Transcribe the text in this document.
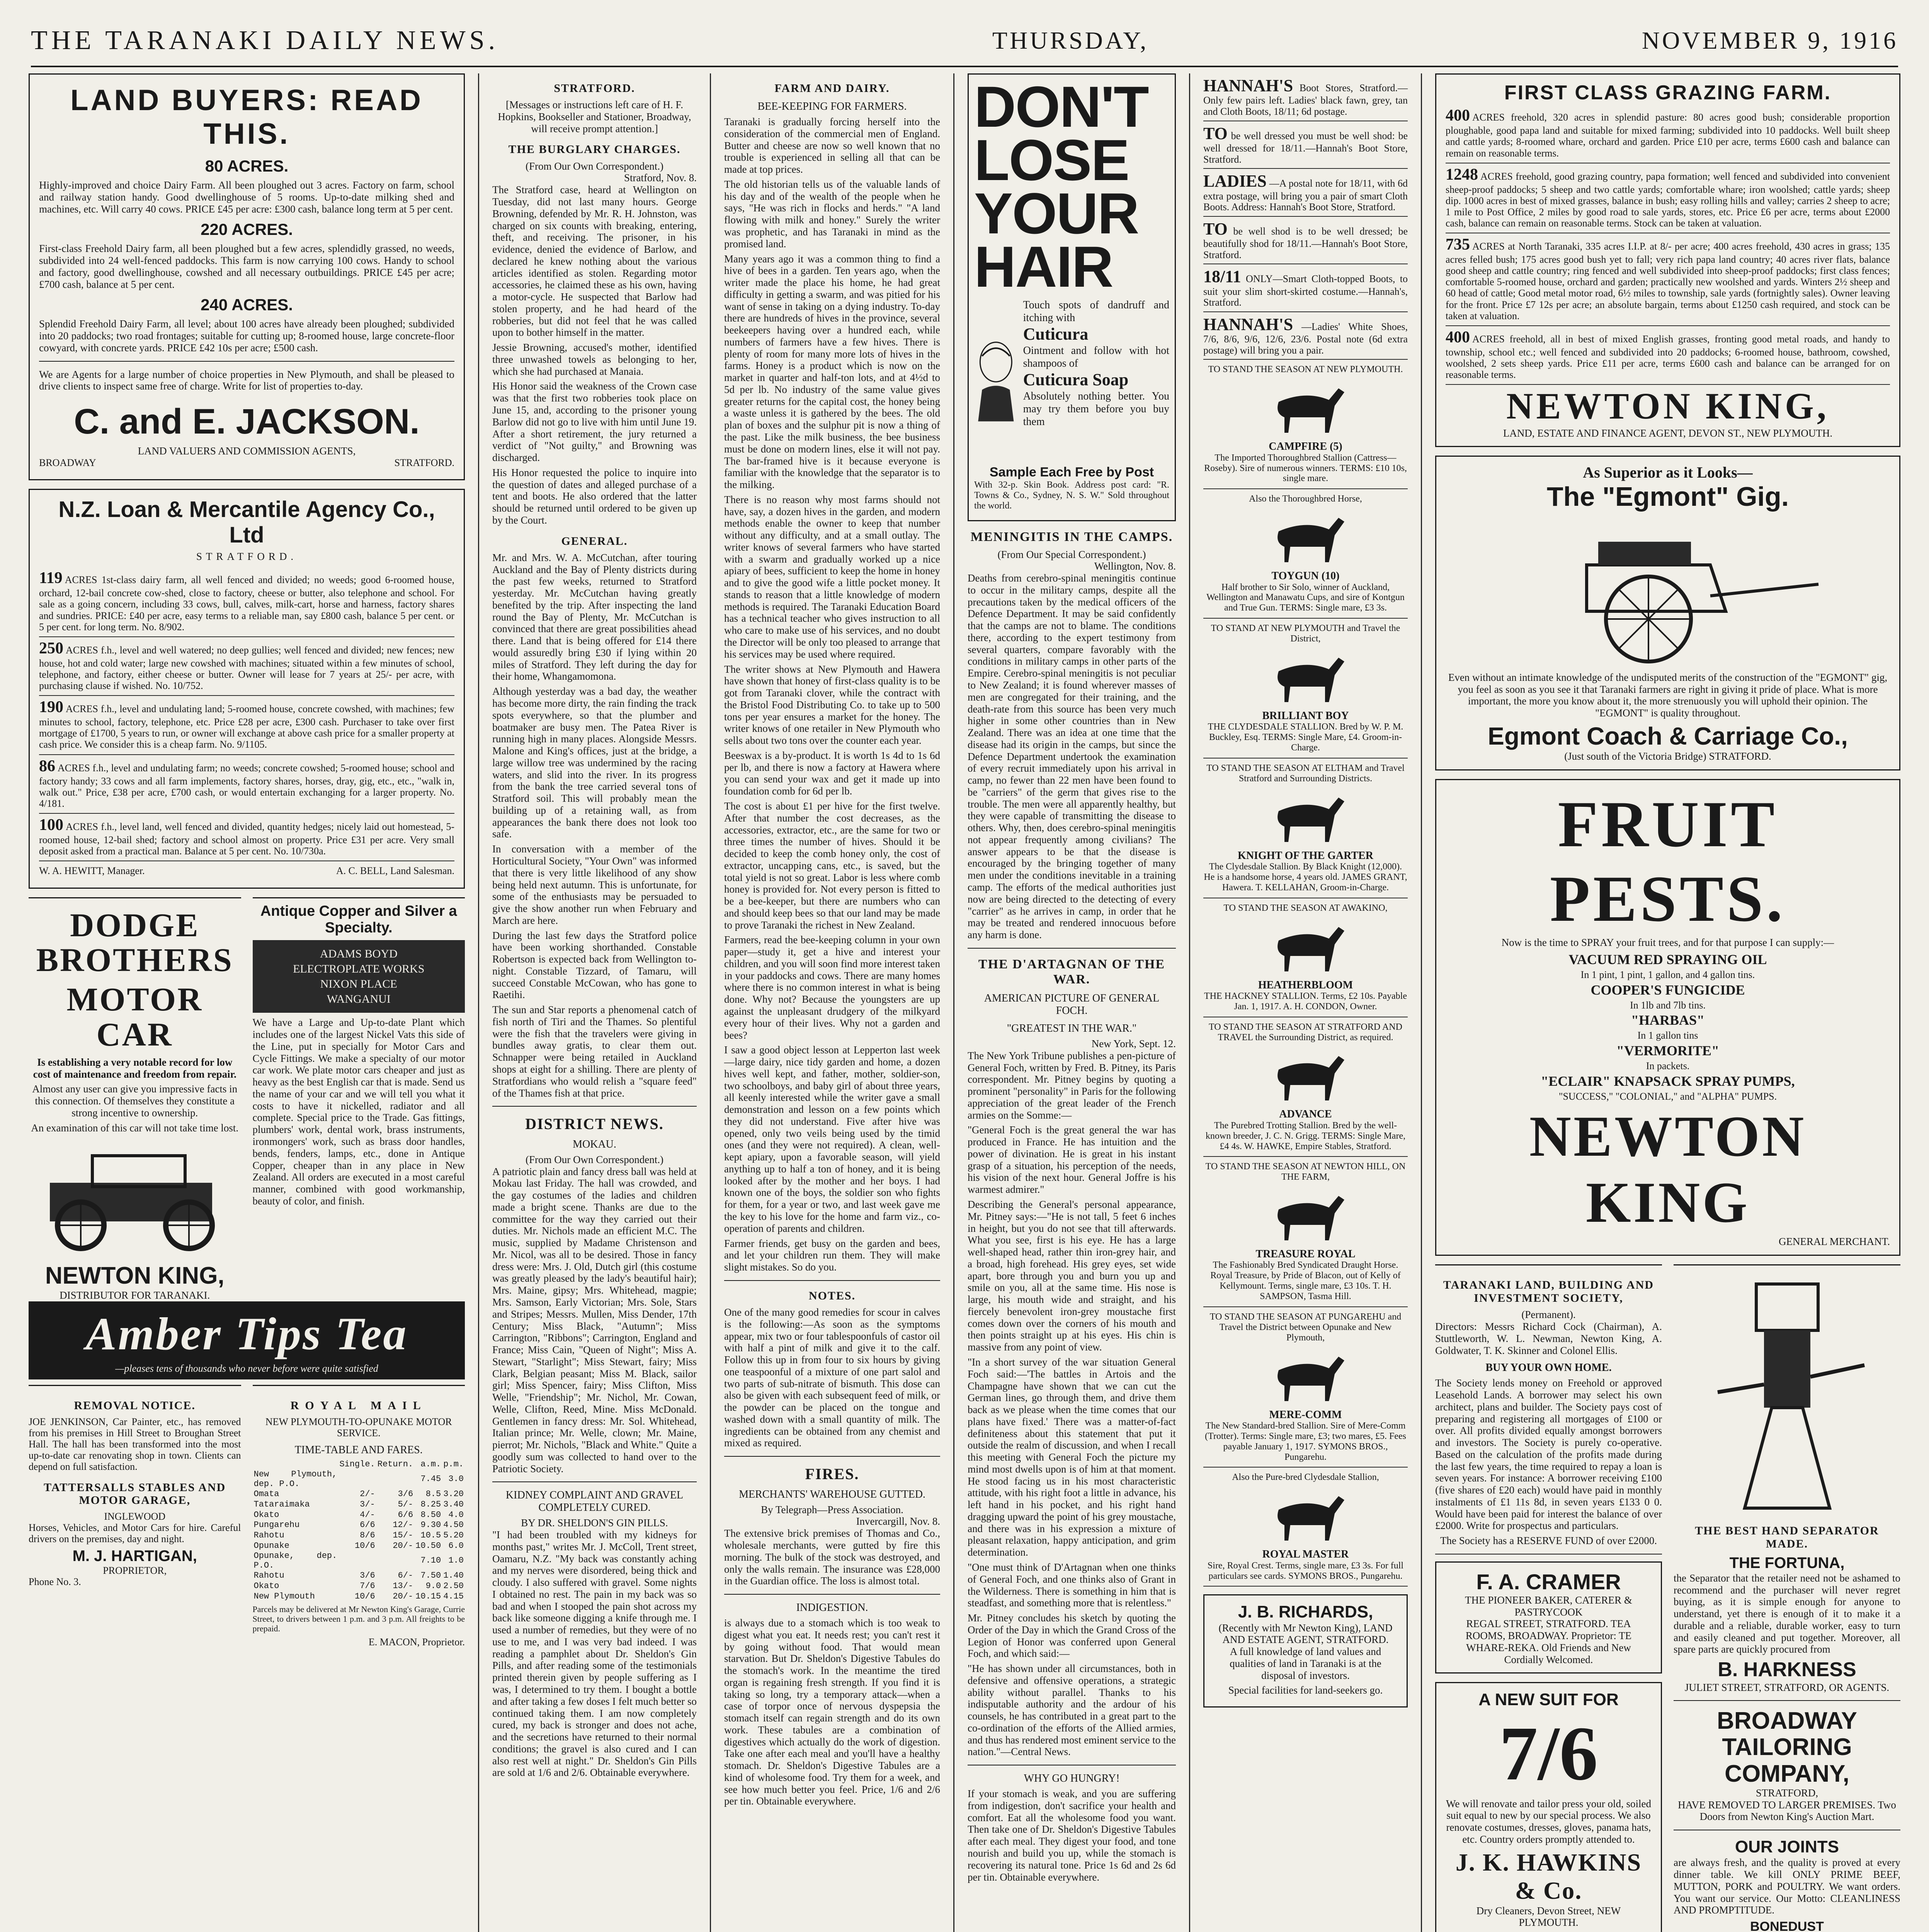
THE TARANAKI DAILY NEWS.	THURSDAY,	NOVEMBER 9, 1916
LAND BUYERS: READ THIS.
80 ACRES.

Highly-improved and choice Dairy Farm. All been ploughed out 3 acres. Factory on farm, school and railway station handy. Good dwellinghouse of 5 rooms. Up-to-date milking shed and machines, etc. Will carry 40 cows. PRICE £45 per acre: £300 cash, balance long term at 5 per cent.

220 ACRES.

First-class Freehold Dairy farm, all been ploughed but a few acres, splendidly grassed, no weeds, subdivided into 24 well-fenced paddocks. This farm is now carrying 100 cows. Handy to school and factory, good dwellinghouse, cowshed and all necessary outbuildings. PRICE £45 per acre; £700 cash, balance at 5 per cent.

240 ACRES.

Splendid Freehold Dairy Farm, all level; about 100 acres have already been ploughed; subdivided into 20 paddocks; two road frontages; suitable for cutting up; 8-roomed house, large concrete-floor cowyard, with concrete yards. PRICE £42 10s per acre; £500 cash.

We are Agents for a large number of choice properties in New Plymouth, and shall be pleased to drive clients to inspect same free of charge. Write for list of properties to-day.

C. and E. JACKSON.
LAND VALUERS AND COMMISSION AGENTS,
BROADWAY	STRATFORD.
N.Z. Loan & Mercantile Agency Co., Ltd
STRATFORD.
119 ACRES 1st-class dairy farm, all well fenced and divided; no weeds; good 6-roomed house, orchard, 12-bail concrete cow-shed, close to factory, cheese or butter, also telephone and school. For sale as a going concern, including 33 cows, bull, calves, milk-cart, horse and harness, factory shares and sundries. PRICE: £40 per acre, easy terms to a reliable man, say £800 cash, balance 5 per cent. or 5 per cent. for long term. No. 8/902.
250 ACRES f.h., level and well watered; no deep gullies; well fenced and divided; new fences; new house, hot and cold water; large new cowshed with machines; situated within a few minutes of school, telephone, and factory, either cheese or butter. Owner will lease for 7 years at 25/- per acre, with purchasing clause if wished. No. 10/752.
190 ACRES f.h., level and undulating land; 5-roomed house, concrete cowshed, with machines; few minutes to school, factory, telephone, etc. Price £28 per acre, £300 cash. Purchaser to take over first mortgage of £1700, 5 years to run, or owner will exchange at above cash price for a smaller property at cash price. We consider this is a cheap farm. No. 9/1105.
86 ACRES f.h., level and undulating farm; no weeds; concrete cowshed; 5-roomed house; school and factory handy; 33 cows and all farm implements, factory shares, horses, dray, gig, etc., etc., "walk in, walk out." Price, £38 per acre, £700 cash, or would entertain exchanging for a larger property. No. 4/181.
100 ACRES f.h., level land, well fenced and divided, quantity hedges; nicely laid out homestead, 5-roomed house, 12-bail shed; factory and school almost on property. Price £31 per acre. Very small deposit asked from a practical man. Balance at 5 per cent. No. 10/730a.
W. A. HEWITT, Manager.	A. C. BELL, Land Salesman.
DODGE BROTHERS
MOTOR CAR

Is establishing a very notable record for low cost of maintenance and freedom from repair.

Almost any user can give you impressive facts in this connection. Of themselves they constitute a strong incentive to ownership.

An examination of this car will not take time lost.

NEWTON KING,
DISTRIBUTOR FOR TARANAKI.
Antique Copper and Silver a Specialty.
ADAMS BOYD
ELECTROPLATE WORKS
NIXON PLACE
WANGANUI

We have a Large and Up-to-date Plant which includes one of the largest Nickel Vats this side of the Line, put in specially for Motor Cars and Cycle Fittings. We make a specialty of our motor car work. We plate motor cars cheaper and just as heavy as the best English car that is made. Send us the name of your car and we will tell you what it costs to have it nickelled, radiator and all complete. Special price to the Trade. Gas fittings, plumbers' work, dental work, brass instruments, ironmongers' work, such as brass door handles, bends, fenders, lamps, etc., done in Antique Copper, cheaper than in any place in New Zealand. All orders are executed in a most careful manner, combined with good workmanship, beauty of color, and finish.

Amber Tips Tea
—pleases tens of thousands who never before were quite satisfied
REMOVAL NOTICE.

JOE JENKINSON, Car Painter, etc., has removed from his premises in Hill Street to Broughan Street Hall. The hall has been transformed into the most up-to-date car renovating shop in town. Clients can depend on full satisfaction.

TATTERSALLS STABLES AND MOTOR GARAGE,
INGLEWOOD

Horses, Vehicles, and Motor Cars for hire. Careful drivers on the premises, day and night.

M. J. HARTIGAN,
PROPRIETOR,
Phone No. 3.
ROYAL MAIL
NEW PLYMOUTH-TO-OPUNAKE MOTOR SERVICE.
TIME-TABLE AND FARES.
	Single.	Return.	a.m.	p.m.
New Plymouth, dep. P.O.			7.45	3.0
Omata	2/-	3/6	8.5	3.20
Tataraimaka	3/-	5/-	8.25	3.40
Okato	4/-	6/6	8.50	4.0
Pungarehu	6/6	12/-	9.30	4.50
Rahotu	8/6	15/-	10.5	5.20
Opunake	10/6	20/-	10.50	6.0
Opunake, dep. P.O.			7.10	1.0
Rahotu	3/6	6/-	7.50	1.40
Okato	7/6	13/-	9.0	2.50
New Plymouth	10/6	20/-	10.15	4.15

Parcels may be delivered at Mr Newton King's Garage, Currie Street, to drivers between 1 p.m. and 3 p.m. All freights to be prepaid.

E. MACON, Proprietor.
STRATFORD.

[Messages or instructions left care of H. F. Hopkins, Bookseller and Stationer, Broadway, will receive prompt attention.]

THE BURGLARY CHARGES.
(From Our Own Correspondent.)
Stratford, Nov. 8.

The Stratford case, heard at Wellington on Tuesday, did not last many hours. George Browning, defended by Mr. R. H. Johnston, was charged on six counts with breaking, entering, theft, and receiving. The prisoner, in his evidence, denied the evidence of Barlow, and declared he knew nothing about the various articles identified as stolen. Regarding motor accessories, he claimed these as his own, having a motor-cycle. He suspected that Barlow had stolen property, and he had heard of the robberies, but did not feel that he was called upon to bother himself in the matter.

Jessie Browning, accused's mother, identified three unwashed towels as belonging to her, which she had purchased at Manaia.

His Honor said the weakness of the Crown case was that the first two robberies took place on June 15, and, according to the prisoner young Barlow did not go to live with him until June 19. After a short retirement, the jury returned a verdict of "Not guilty," and Browning was discharged.

His Honor requested the police to inquire into the question of dates and alleged purchase of a tent and boots. He also ordered that the latter should be returned until ordered to be given up by the Court.

GENERAL.

Mr. and Mrs. W. A. McCutchan, after touring Auckland and the Bay of Plenty districts during the past few weeks, returned to Stratford yesterday. Mr. McCutchan having greatly benefited by the trip. After inspecting the land round the Bay of Plenty, Mr. McCutchan is convinced that there are great possibilities ahead there. Land that is being offered for £14 there would assuredly bring £30 if lying within 20 miles of Stratford. They left during the day for their home, Whangamomona.

Although yesterday was a bad day, the weather has become more dirty, the rain finding the track spots everywhere, so that the plumber and boatmaker are busy men. The Patea River is running high in many places. Alongside Messrs. Malone and King's offices, just at the bridge, a large willow tree was undermined by the racing waters, and slid into the river. In its progress from the bank the tree carried several tons of Stratford soil. This will probably mean the building up of a retaining wall, as from appearances the bank there does not look too safe.

In conversation with a member of the Horticultural Society, "Your Own" was informed that there is very little likelihood of any show being held next autumn. This is unfortunate, for some of the enthusiasts may be persuaded to give the show another run when February and March are here.

During the last few days the Stratford police have been working shorthanded. Constable Robertson is expected back from Wellington to-night. Constable Tizzard, of Tamaru, will succeed Constable McCowan, who has gone to Raetihi.

The sun and Star reports a phenomenal catch of fish north of Tiri and the Thames. So plentiful were the fish that the travelers were giving in bundles away gratis, to clear them out. Schnapper were being retailed in Auckland shops at eight for a shilling. There are plenty of Stratfordians who would relish a "square feed" of the Thames fish at that price.

DISTRICT NEWS.
MOKAU.
(From Our Own Correspondent.)

A patriotic plain and fancy dress ball was held at Mokau last Friday. The hall was crowded, and the gay costumes of the ladies and children made a bright scene. Thanks are due to the committee for the way they carried out their duties. Mr. Nichols made an efficient M.C. The music, supplied by Madame Christenson and Mr. Nicol, was all to be desired. Those in fancy dress were: Mrs. J. Old, Dutch girl (this costume was greatly pleased by the lady's beautiful hair); Mrs. Maine, gipsy; Mrs. Whitehead, magpie; Mrs. Samson, Early Victorian; Mrs. Sole, Stars and Stripes; Messrs. Mullen, Miss Dender, 17th Century; Miss Black, "Autumn"; Miss Carrington, "Ribbons"; Carrington, England and France; Miss Cain, "Queen of Night"; Miss A. Stewart, "Starlight"; Miss Stewart, fairy; Miss Clark, Belgian peasant; Miss M. Black, sailor girl; Miss Spencer, fairy; Miss Clifton, Miss Welle, "Friendship"; Mr. Nichol, Mr. Cowan, Welle, Clifton, Reed, Mine. Miss McDonald. Gentlemen in fancy dress: Mr. Sol. Whitehead, Italian prince; Mr. Welle, clown; Mr. Maine, pierrot; Mr. Nichols, "Black and White." Quite a goodly sum was collected to hand over to the Patriotic Society.

KIDNEY COMPLAINT AND GRAVEL COMPLETELY CURED.
BY DR. SHELDON'S GIN PILLS.

"I had been troubled with my kidneys for months past," writes Mr. J. McColl, Trent street, Oamaru, N.Z. "My back was constantly aching and my nerves were disordered, being thick and cloudy. I also suffered with gravel. Some nights I obtained no rest. The pain in my back was so bad and when I stooped the pain shot across my back like someone digging a knife through me. I used a number of remedies, but they were of no use to me, and I was very bad indeed. I was reading a pamphlet about Dr. Sheldon's Gin Pills, and after reading some of the testimonials printed therein given by people suffering as I was, I determined to try them. I bought a bottle and after taking a few doses I felt much better so continued taking them. I am now completely cured, my back is stronger and does not ache, and the secretions have returned to their normal conditions; the gravel is also cured and I can also rest well at night." Dr. Sheldon's Gin Pills are sold at 1/6 and 2/6. Obtainable everywhere.

FARM AND DAIRY.
BEE-KEEPING FOR FARMERS.

Taranaki is gradually forcing herself into the consideration of the commercial men of England. Butter and cheese are now so well known that no trouble is experienced in selling all that can be made at top prices.

The old historian tells us of the valuable lands of his day and of the wealth of the people when he says, "He was rich in flocks and herds." "A land flowing with milk and honey." Surely the writer was prophetic, and has Taranaki in mind as the promised land.

Many years ago it was a common thing to find a hive of bees in a garden. Ten years ago, when the writer made the place his home, he had great difficulty in getting a swarm, and was pitied for his want of sense in taking on a dying industry. To-day there are hundreds of hives in the province, several beekeepers having over a hundred each, while numbers of farmers have a few hives. There is plenty of room for many more lots of hives in the farms. Honey is a product which is now on the market in quarter and half-ton lots, and at 4½d to 5d per lb. No industry of the same value gives greater returns for the capital cost, the honey being a waste unless it is gathered by the bees. The old plan of boxes and the sulphur pit is now a thing of the past. Like the milk business, the bee business must be done on modern lines, else it will not pay. The bar-framed hive is it because everyone is familiar with the knowledge that the separator is to the milking.

There is no reason why most farms should not have, say, a dozen hives in the garden, and modern methods enable the owner to keep that number without any difficulty, and at a small outlay. The writer knows of several farmers who have started with a swarm and gradually worked up a nice apiary of bees, sufficient to keep the home in honey and to give the good wife a little pocket money. It stands to reason that a little knowledge of modern methods is required. The Taranaki Education Board has a technical teacher who gives instruction to all who care to make use of his services, and no doubt the Director will be only too pleased to arrange that his services may be used where required.

The writer shows at New Plymouth and Hawera have shown that honey of first-class quality is to be got from Taranaki clover, while the contract with the Bristol Food Distributing Co. to take up to 500 tons per year ensures a market for the honey. The writer knows of one retailer in New Plymouth who sells about two tons over the counter each year.

Beeswax is a by-product. It is worth 1s 4d to 1s 6d per lb, and there is now a factory at Hawera where you can send your wax and get it made up into foundation comb for 6d per lb.

The cost is about £1 per hive for the first twelve. After that number the cost decreases, as the accessories, extractor, etc., are the same for two or three times the number of hives. Should it be decided to keep the comb honey only, the cost of extractor, uncapping cans, etc., is saved, but the total yield is not so great. Labor is less where comb honey is provided for. Not every person is fitted to be a bee-keeper, but there are numbers who can and should keep bees so that our land may be made to prove Taranaki the richest in New Zealand.

Farmers, read the bee-keeping column in your own paper—study it, get a hive and interest your children, and you will soon find more interest taken in your paddocks and cows. There are many homes where there is no common interest in what is being done. Why not? Because the youngsters are up against the unpleasant drudgery of the milkyard every hour of their lives. Why not a garden and bees?

I saw a good object lesson at Lepperton last week—large dairy, nice tidy garden and home, a dozen hives well kept, and father, mother, soldier-son, two schoolboys, and baby girl of about three years, all keenly interested while the writer gave a small demonstration and lesson on a few points which they did not understand. Five after hive was opened, only two veils being used by the timid ones (and they were not required). A clean, well-kept apiary, upon a favorable season, will yield anything up to half a ton of honey, and it is being looked after by the mother and her boys. I had known one of the boys, the soldier son who fights for them, for a year or two, and last week gave me the key to his love for the home and farm viz., co-operation of parents and children.

Farmer friends, get busy on the garden and bees, and let your children run them. They will make slight mistakes. So do you.

NOTES.

One of the many good remedies for scour in calves is the following:—As soon as the symptoms appear, mix two or four tablespoonfuls of castor oil with half a pint of milk and give it to the calf. Follow this up in from four to six hours by giving one teaspoonful of a mixture of one part salol and two parts of sub-nitrate of bismuth. This dose can also be given with each subsequent feed of milk, or the powder can be placed on the tongue and washed down with a small quantity of milk. The ingredients can be obtained from any chemist and mixed as required.

FIRES.
MERCHANTS' WAREHOUSE GUTTED.
By Telegraph—Press Association.
Invercargill, Nov. 8.

The extensive brick premises of Thomas and Co., wholesale merchants, were gutted by fire this morning. The bulk of the stock was destroyed, and only the walls remain. The insurance was £28,000 in the Guardian office. The loss is almost total.

INDIGESTION.

is always due to a stomach which is too weak to digest what you eat. It needs rest; you can't rest it by going without food. That would mean starvation. But Dr. Sheldon's Digestive Tabules do the stomach's work. In the meantime the tired organ is regaining fresh strength. If you find it is taking so long, try a temporary attack—when a case of torpor once of nervous dyspepsia the stomach itself can regain strength and do its own work. These tabules are a combination of digestives which actually do the work of digestion. Take one after each meal and you'll have a healthy stomach. Dr. Sheldon's Digestive Tabules are a kind of wholesome food. Try them for a week, and see how much better you feel. Price, 1/6 and 2/6 per tin. Obtainable everywhere.

DON'T LOSE
YOUR HAIR
Touch spots of dandruff and itching with
Cuticura
Ointment and follow with hot shampoos of
Cuticura Soap
Absolutely nothing better. You may try them before you buy them
Sample Each Free by Post

With 32-p. Skin Book. Address post card: "R. Towns & Co., Sydney, N. S. W." Sold throughout the world.

MENINGITIS IN THE CAMPS.
(From Our Special Correspondent.)
Wellington, Nov. 8.

Deaths from cerebro-spinal meningitis continue to occur in the military camps, despite all the precautions taken by the medical officers of the Defence Department. It may be said confidently that the camps are not to blame. The conditions there, according to the expert testimony from several quarters, compare favorably with the conditions in military camps in other parts of the Empire. Cerebro-spinal meningitis is not peculiar to New Zealand; it is found wherever masses of men are congregated for their training, and the death-rate from this source has been very much higher in some other countries than in New Zealand. There was an idea at one time that the disease had its origin in the camps, but since the Defence Department undertook the examination of every recruit immediately upon his arrival in camp, no fewer than 22 men have been found to be "carriers" of the germ that gives rise to the trouble. The men were all apparently healthy, but they were capable of transmitting the disease to others. Why, then, does cerebro-spinal meningitis not appear frequently among civilians? The answer appears to be that the disease is encouraged by the bringing together of many men under the conditions inevitable in a training camp. The efforts of the medical authorities just now are being directed to the detecting of every "carrier" as he arrives in camp, in order that he may be treated and rendered innocuous before any harm is done.

THE D'ARTAGNAN OF THE WAR.
AMERICAN PICTURE OF GENERAL FOCH.
"GREATEST IN THE WAR."
New York, Sept. 12.

The New York Tribune publishes a pen-picture of General Foch, written by Fred. B. Pitney, its Paris correspondent. Mr. Pitney begins by quoting a prominent "personality" in Paris for the following appreciation of the great leader of the French armies on the Somme:—

"General Foch is the great general the war has produced in France. He has intuition and the power of divination. He is great in his instant grasp of a situation, his perception of the needs, his vision of the next hour. General Joffre is his warmest admirer."

Describing the General's personal appearance, Mr. Pitney says:—"He is not tall, 5 feet 6 inches in height, but you do not see that till afterwards. What you see, first is his eye. He has a large well-shaped head, rather thin iron-grey hair, and a broad, high forehead. His grey eyes, set wide apart, bore through you and burn you up and smile on you, all at the same time. His nose is large, his mouth wide and straight, and his fiercely benevolent iron-grey moustache first comes down over the corners of his mouth and then points straight up at his eyes. His chin is massive from any point of view.

"In a short survey of the war situation General Foch said:—'The battles in Artois and the Champagne have shown that we can cut the German lines, go through them, and drive them back as we please when the time comes that our plans have fixed.' There was a matter-of-fact definiteness about this statement that put it outside the realm of discussion, and when I recall this meeting with General Foch the picture my mind most dwells upon is of him at that moment. He stood facing us in his most characteristic attitude, with his right foot a little in advance, his left hand in his pocket, and his right hand dragging upward the point of his grey moustache, and there was in his expression a mixture of pleasant relaxation, happy anticipation, and grim determination.

"One must think of D'Artagnan when one thinks of General Foch, and one thinks also of Grant in the Wilderness. There is something in him that is steadfast, and something more that is relentless."

Mr. Pitney concludes his sketch by quoting the Order of the Day in which the Grand Cross of the Legion of Honor was conferred upon General Foch, and which said:—

"He has shown under all circumstances, both in defensive and offensive operations, a strategic ability without parallel. Thanks to his indisputable authority and the ardour of his counsels, he has contributed in a great part to the co-ordination of the efforts of the Allied armies, and thus has rendered most eminent service to the nation."—Central News.

WHY GO HUNGRY!

If your stomach is weak, and you are suffering from indigestion, don't sacrifice your health and comfort. Eat all the wholesome food you want. Then take one of Dr. Sheldon's Digestive Tabules after each meal. They digest your food, and tone nourish and build you up, while the stomach is recovering its natural tone. Price 1s 6d and 2s 6d per tin. Obtainable everywhere.

HANNAH'S Boot Stores, Stratford.—Only few pairs left. Ladies' black fawn, grey, tan and Cloth Boots, 18/11; 6d postage.
TO be well dressed you must be well shod: be well dressed for 18/11.—Hannah's Boot Store, Stratford.
LADIES —A postal note for 18/11, with 6d extra postage, will bring you a pair of smart Cloth Boots. Address: Hannah's Boot Store, Stratford.
TO be well shod is to be well dressed; be beautifully shod for 18/11.—Hannah's Boot Store, Stratford.
18/11 ONLY—Smart Cloth-topped Boots, to suit your slim short-skirted costume.—Hannah's, Stratford.
HANNAH'S —Ladies' White Shoes, 7/6, 8/6, 9/6, 12/6, 23/6. Postal note (6d extra postage) will bring you a pair.
TO STAND THE SEASON AT NEW PLYMOUTH.
CAMPFIRE (5)
The Imported Thoroughbred Stallion (Cattress—Roseby). Sire of numerous winners. TERMS: £10 10s, single mare.
Also the Thoroughbred Horse,
TOYGUN (10)
Half brother to Sir Solo, winner of Auckland, Wellington and Manawatu Cups, and sire of Kontgun and True Gun. TERMS: Single mare, £3 3s.
TO STAND AT NEW PLYMOUTH and Travel the District,
BRILLIANT BOY
THE CLYDESDALE STALLION. Bred by W. P. M. Buckley, Esq. TERMS: Single Mare, £4. Groom-in-Charge.
TO STAND THE SEASON AT ELTHAM and Travel Stratford and Surrounding Districts.
KNIGHT OF THE GARTER
The Clydesdale Stallion. By Black Knight (12,000). He is a handsome horse, 4 years old. JAMES GRANT, Hawera. T. KELLAHAN, Groom-in-Charge.
TO STAND THE SEASON AT AWAKINO,
HEATHERBLOOM
THE HACKNEY STALLION. Terms, £2 10s. Payable Jan. 1, 1917. A. H. CONDON, Owner.
TO STAND THE SEASON AT STRATFORD AND TRAVEL the Surrounding District, as required.
ADVANCE
The Purebred Trotting Stallion. Bred by the well-known breeder, J. C. N. Grigg. TERMS: Single Mare, £4 4s. W. HAWKE, Empire Stables, Stratford.
TO STAND THE SEASON AT NEWTON HILL, ON THE FARM,
TREASURE ROYAL
The Fashionably Bred Syndicated Draught Horse. Royal Treasure, by Pride of Blacon, out of Kelly of Kellymount. Terms, single mare, £3 10s. T. H. SAMPSON, Tasma Hill.
TO STAND THE SEASON AT PUNGAREHU and Travel the District between Opunake and New Plymouth,
MERE-COMM
The New Standard-bred Stallion. Sire of Mere-Comm (Trotter). Terms: Single mare, £3; two mares, £5. Fees payable January 1, 1917. SYMONS BROS., Pungarehu.
Also the Pure-bred Clydesdale Stallion,
ROYAL MASTER
Sire, Royal Crest. Terms, single mare, £3 3s. For full particulars see cards. SYMONS BROS., Pungarehu.
J. B. RICHARDS,
(Recently with Mr Newton King), LAND AND ESTATE AGENT, STRATFORD.

A full knowledge of land values and qualities of land in Taranaki is at the disposal of investors.

Special facilities for land-seekers go.

FIRST CLASS GRAZING FARM.
400 ACRES freehold, 320 acres in splendid pasture: 80 acres good bush; considerable proportion ploughable, good papa land and suitable for mixed farming; subdivided into 10 paddocks. Well built sheep and cattle yards; 8-roomed whare, orchard and garden. Price £10 per acre, terms £600 cash and balance can remain on reasonable terms.
1248 ACRES freehold, good grazing country, papa formation; well fenced and subdivided into convenient sheep-proof paddocks; 5 sheep and two cattle yards; comfortable whare; iron woolshed; cattle yards; sheep dip. 1000 acres in best of mixed grasses, balance in bush; easy rolling hills and valley; carries 2 sheep to acre; 1 mile to Post Office, 2 miles by good road to sale yards, stores, etc. Price £6 per acre, terms about £2000 cash, balance can remain on reasonable terms. Stock can be taken at valuation.
735 ACRES at North Taranaki, 335 acres I.I.P. at 8/- per acre; 400 acres freehold, 430 acres in grass; 135 acres felled bush; 175 acres good bush yet to fall; very rich papa land country; 40 acres river flats, balance good sheep and cattle country; ring fenced and well subdivided into sheep-proof paddocks; first class fences; comfortable 5-roomed house, orchard and garden; practically new woolshed and yards. Winters 2½ sheep and 60 head of cattle; Good metal motor road, 6½ miles to township, sale yards (fortnightly sales). Owner leaving for the front. Price £7 12s per acre; an absolute bargain, terms about £1250 cash required, and stock can be taken at valuation.
400 ACRES freehold, all in best of mixed English grasses, fronting good metal roads, and handy to township, school etc.; well fenced and subdivided into 20 paddocks; 6-roomed house, bathroom, cowshed, woolshed, 2 sets sheep yards. Price £11 per acre, terms £600 cash and balance can be arranged for on reasonable terms.
NEWTON KING,
LAND, ESTATE AND FINANCE AGENT, DEVON ST., NEW PLYMOUTH.
As Superior as it Looks—
The "Egmont" Gig.

Even without an intimate knowledge of the undisputed merits of the construction of the "EGMONT" gig, you feel as soon as you see it that Taranaki farmers are right in giving it pride of place. What is more important, the more you know about it, the more strenuously you will uphold their opinion. The "EGMONT" is quality throughout.

Egmont Coach & Carriage Co.,
(Just south of the Victoria Bridge) STRATFORD.
FRUIT PESTS.

Now is the time to SPRAY your fruit trees, and for that purpose I can supply:—

VACUUM RED SPRAYING OIL
In 1 pint, 1 pint, 1 gallon, and 4 gallon tins.
COOPER'S FUNGICIDE
In 1lb and 7lb tins.
"HARBAS"
In 1 gallon tins
"VERMORITE"
In packets.
"ECLAIR" KNAPSACK SPRAY PUMPS,
"SUCCESS," "COLONIAL," and "ALPHA" PUMPS.
NEWTON KING
GENERAL MERCHANT.
TARANAKI LAND, BUILDING AND INVESTMENT SOCIETY,
(Permanent).

Directors: Messrs Richard Cock (Chairman), A. Stuttleworth, W. L. Newman, Newton King, A. Goldwater, T. K. Skinner and Colonel Ellis.

BUY YOUR OWN HOME.

The Society lends money on Freehold or approved Leasehold Lands. A borrower may select his own architect, plans and builder. The Society pays cost of preparing and registering all mortgages of £100 or over. All profits divided equally amongst borrowers and investors. The Society is purely co-operative. Based on the calculation of the profits made during the last few years, the time required to repay a loan is seven years. For instance: A borrower receiving £100 (five shares of £20 each) would have paid in monthly instalments of £1 11s 8d, in seven years £133 0 0. Would have been paid for interest the balance of over £2000. Write for prospectus and particulars.

The Society has a RESERVE FUND of over £2000.

F. A. CRAMER
THE PIONEER BAKER, CATERER & PASTRYCOOK
REGAL STREET, STRATFORD. TEA ROOMS, BROADWAY. Proprietor: TE WHARE-REKA. Old Friends and New Cordially Welcomed.
A NEW SUIT FOR
7/6

We will renovate and tailor press your old, soiled suit equal to new by our special process. We also renovate costumes, dresses, gloves, panama hats, etc. Country orders promptly attended to.

J. K. HAWKINS & Co.
Dry Cleaners, Devon Street, NEW PLYMOUTH.
THE BEST HAND SEPARATOR MADE.
THE FORTUNA,

the Separator that the retailer need not be ashamed to recommend and the purchaser will never regret buying, as it is simple enough for anyone to understand, yet there is enough of it to make it a durable and a reliable, durable worker, easy to turn and easily cleaned and put together. Moreover, all spare parts are quickly procured from

B. HARKNESS
JULIET STREET, STRATFORD, OR AGENTS.
BROADWAY TAILORING COMPANY,
STRATFORD,

HAVE REMOVED TO LARGER PREMISES. Two Doors from Newton King's Auction Mart.

OUR JOINTS

are always fresh, and the quality is proved at every dinner table. We kill ONLY PRIME BEEF, MUTTON, PORK and POULTRY. We want orders. You want our service. Our Motto: CLEANLINESS AND PROMPTITUDE.

BONEDUST
